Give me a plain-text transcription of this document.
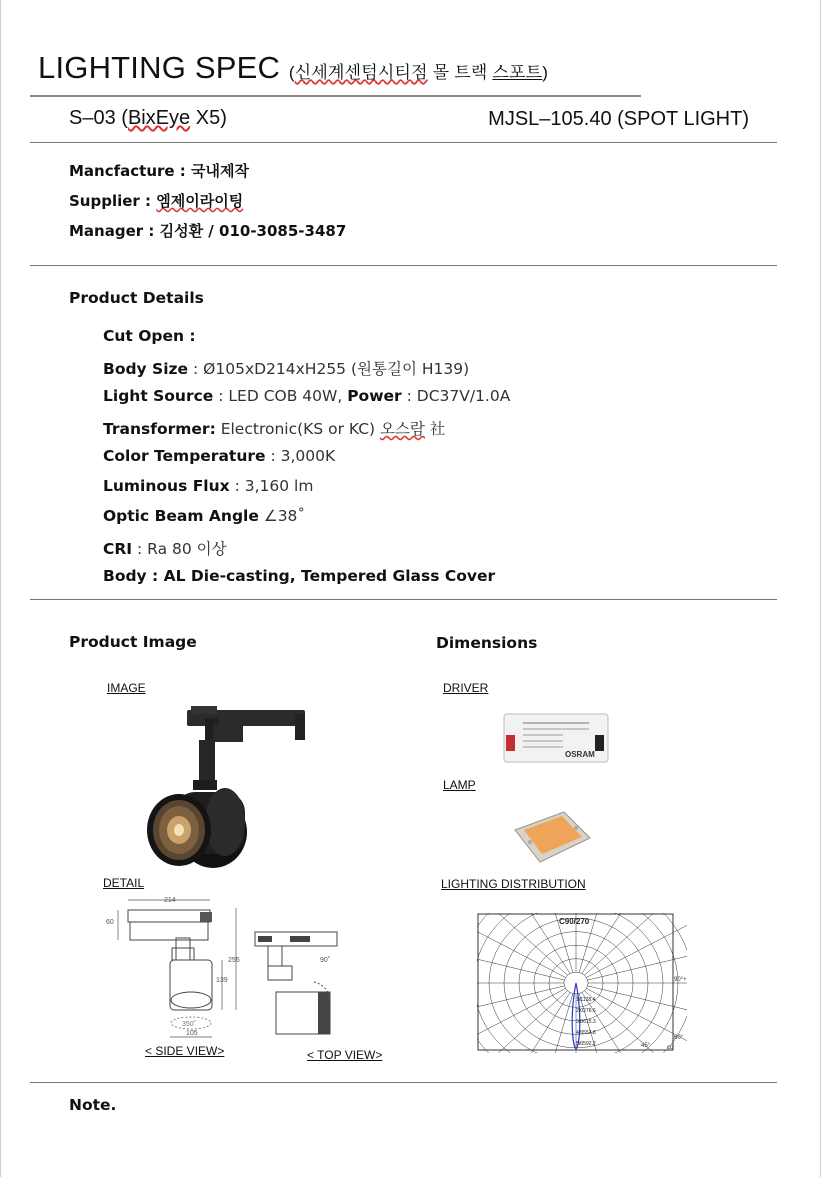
LIGHTING SPEC (신세계센텀시티점 몰 트랙 스포트)
S–03 (BixEye X5)	MJSL–105.40 (SPOT LIGHT)
Mancfacture : 국내제작
Supplier : 엠제이라이팅
Manager : 김성환 / 010-3085-3487
Product Details
Cut Open :
Body Size : Ø105xD214xH255 (원통길이 H139)
Light Source : LED COB 40W, Power : DC37V/1.0A
Transformer: Electronic(KS or KC) 오스람 社
Color Temperature : 3,000K
Luminous Flux : 3,160 lm
Optic Beam Angle ∠38˚
CRI : Ra 80 이상
Body : AL Die-casting, Tempered Glass Cover
Product Image	Dimensions
IMAGE	DRIVER
OSRAM
LAMP
DETAIL	LIGHTING DISTRIBUTION
214
60
255
139
350˚
105
90˚
C90/270
1ℓ1128.4
2ℓ0276.6
3ℓ0615.3
4ℓ0553.8
5ℓ0592.2
90°+
60°
45°	cd
< SIDE VIEW>	< TOP VIEW>
Note.
